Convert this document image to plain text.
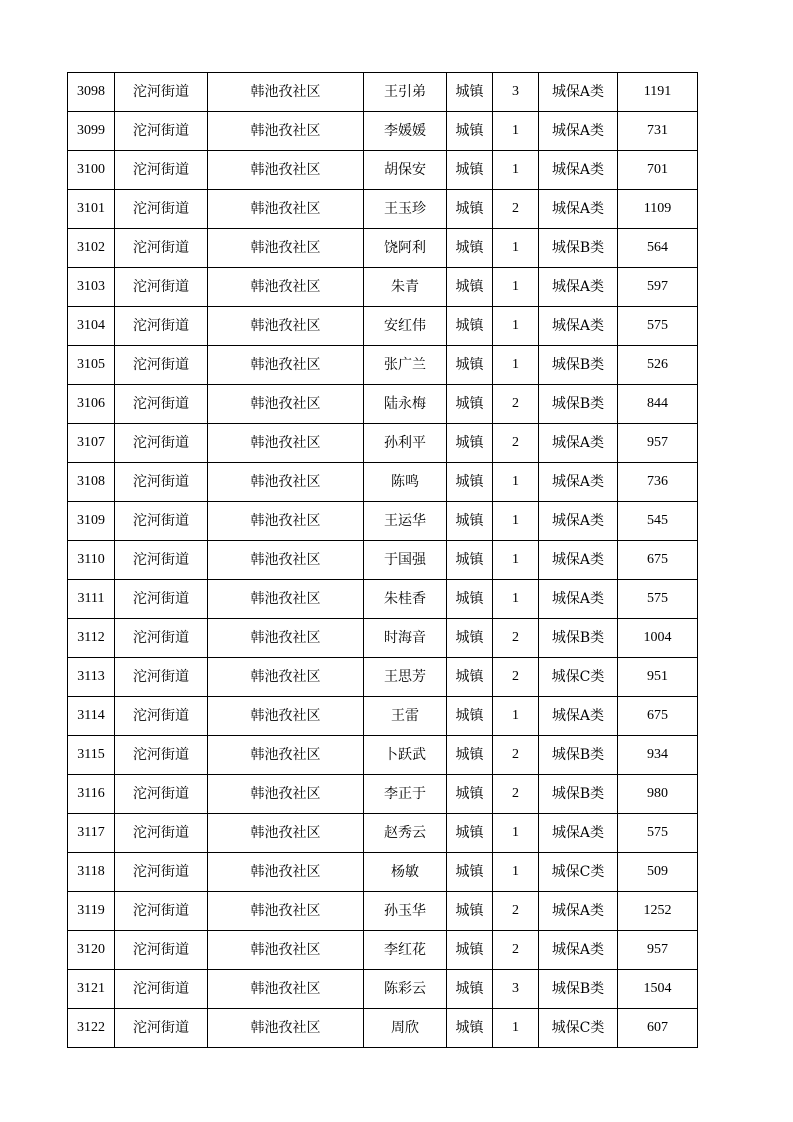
3098	沱河街道	韩池孜社区	王引弟	城镇	3	城保A类	1191
3099	沱河街道	韩池孜社区	李媛媛	城镇	1	城保A类	731
3100	沱河街道	韩池孜社区	胡保安	城镇	1	城保A类	701
3101	沱河街道	韩池孜社区	王玉珍	城镇	2	城保A类	1109
3102	沱河街道	韩池孜社区	饶阿利	城镇	1	城保B类	564
3103	沱河街道	韩池孜社区	朱青	城镇	1	城保A类	597
3104	沱河街道	韩池孜社区	安红伟	城镇	1	城保A类	575
3105	沱河街道	韩池孜社区	张广兰	城镇	1	城保B类	526
3106	沱河街道	韩池孜社区	陆永梅	城镇	2	城保B类	844
3107	沱河街道	韩池孜社区	孙利平	城镇	2	城保A类	957
3108	沱河街道	韩池孜社区	陈鸣	城镇	1	城保A类	736
3109	沱河街道	韩池孜社区	王运华	城镇	1	城保A类	545
3110	沱河街道	韩池孜社区	于国强	城镇	1	城保A类	675
3111	沱河街道	韩池孜社区	朱桂香	城镇	1	城保A类	575
3112	沱河街道	韩池孜社区	时海音	城镇	2	城保B类	1004
3113	沱河街道	韩池孜社区	王思芳	城镇	2	城保C类	951
3114	沱河街道	韩池孜社区	王雷	城镇	1	城保A类	675
3115	沱河街道	韩池孜社区	卜跃武	城镇	2	城保B类	934
3116	沱河街道	韩池孜社区	李正于	城镇	2	城保B类	980
3117	沱河街道	韩池孜社区	赵秀云	城镇	1	城保A类	575
3118	沱河街道	韩池孜社区	杨敏	城镇	1	城保C类	509
3119	沱河街道	韩池孜社区	孙玉华	城镇	2	城保A类	1252
3120	沱河街道	韩池孜社区	李红花	城镇	2	城保A类	957
3121	沱河街道	韩池孜社区	陈彩云	城镇	3	城保B类	1504
3122	沱河街道	韩池孜社区	周欣	城镇	1	城保C类	607
